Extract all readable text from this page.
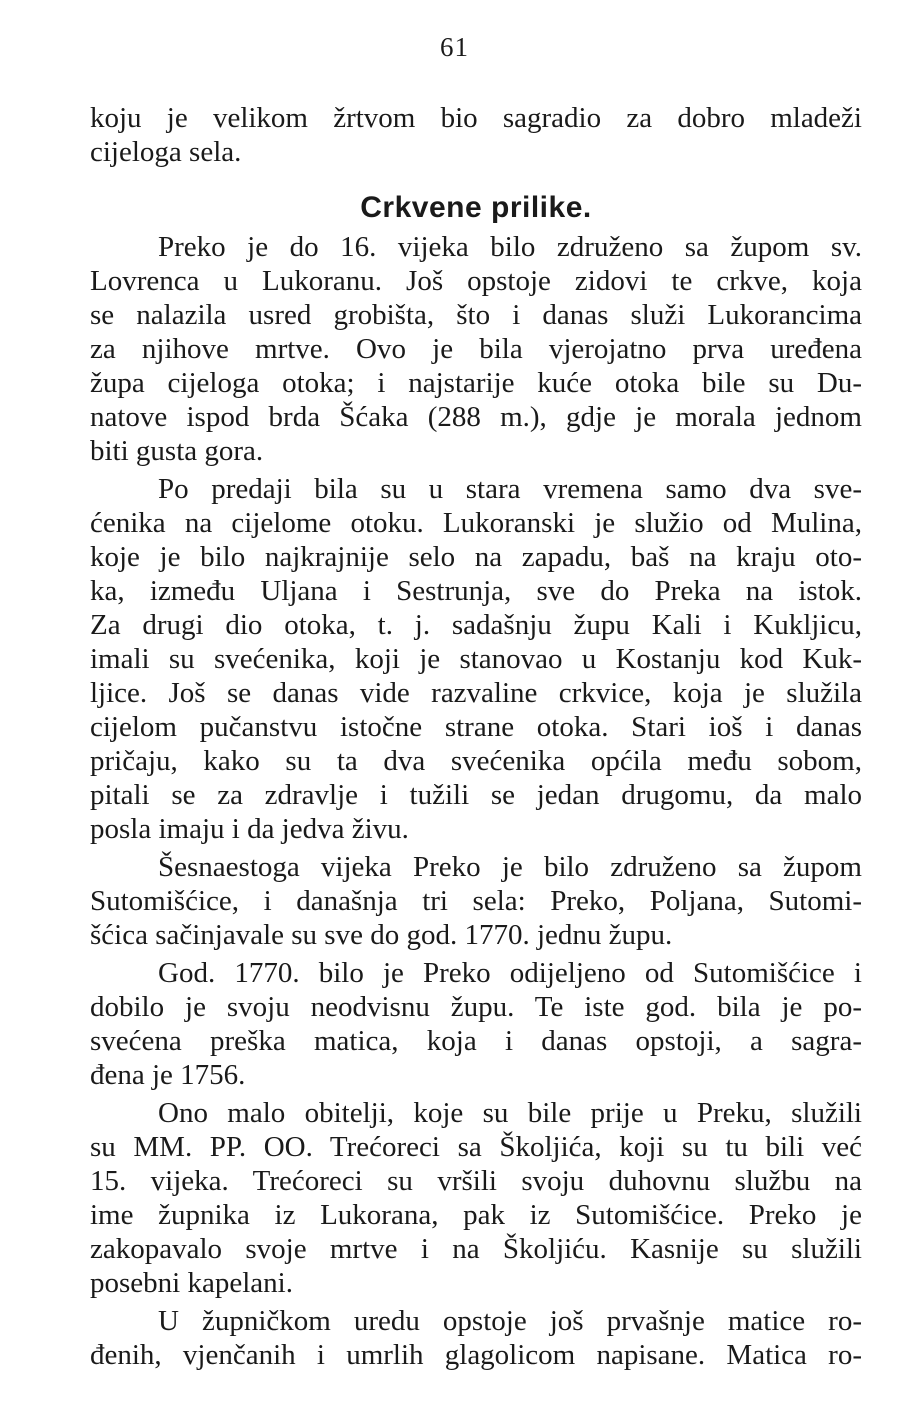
61
koju je velikom žrtvom bio sagradio za dobro mladeži
cijeloga sela.
Crkvene prilike.
Preko je do 16. vijeka bilo združeno sa župom sv.
Lovrenca u Lukoranu. Još opstoje zidovi te crkve, koja
se nalazila usred grobišta, što i danas služi Lukorancima
za njihove mrtve. Ovo je bila vjerojatno prva uređena
župa cijeloga otoka; i najstarije kuće otoka bile su Du-
natove ispod brda Šćaka (288 m.), gdje je morala jednom
biti gusta gora.
Po predaji bila su u stara vremena samo dva sve-
ćenika na cijelome otoku. Lukoranski je služio od Mulina,
koje je bilo najkrajnije selo na zapadu, baš na kraju oto-
ka, između Uljana i Sestrunja, sve do Preka na istok.
Za drugi dio otoka, t. j. sadašnju župu Kali i Kukljicu,
imali su svećenika, koji je stanovao u Kostanju kod Kuk-
ljice. Još se danas vide razvaline crkvice, koja je služila
cijelom pučanstvu istočne strane otoka. Stari ioš i danas
pričaju, kako su ta dva svećenika općila među sobom,
pitali se za zdravlje i tužili se jedan drugomu, da malo
posla imaju i da jedva živu.
Šesnaestoga vijeka Preko je bilo združeno sa župom
Sutomišćice, i današnja tri sela: Preko, Poljana, Sutomi-
šćica sačinjavale su sve do god. 1770. jednu župu.
God. 1770. bilo je Preko odijeljeno od Sutomišćice i
dobilo je svoju neodvisnu župu. Te iste god. bila je po-
svećena preška matica, koja i danas opstoji, a sagra-
đena je 1756.
Ono malo obitelji, koje su bile prije u Preku, služili
su MM. PP. OO. Trećoreci sa Školjića, koji su tu bili već
15. vijeka. Trećoreci su vršili svoju duhovnu službu na
ime župnika iz Lukorana, pak iz Sutomišćice. Preko je
zakopavalo svoje mrtve i na Školjiću. Kasnije su služili
posebni kapelani.
U župničkom uredu opstoje još prvašnje matice ro-
đenih, vjenčanih i umrlih glagolicom napisane. Matica ro-
